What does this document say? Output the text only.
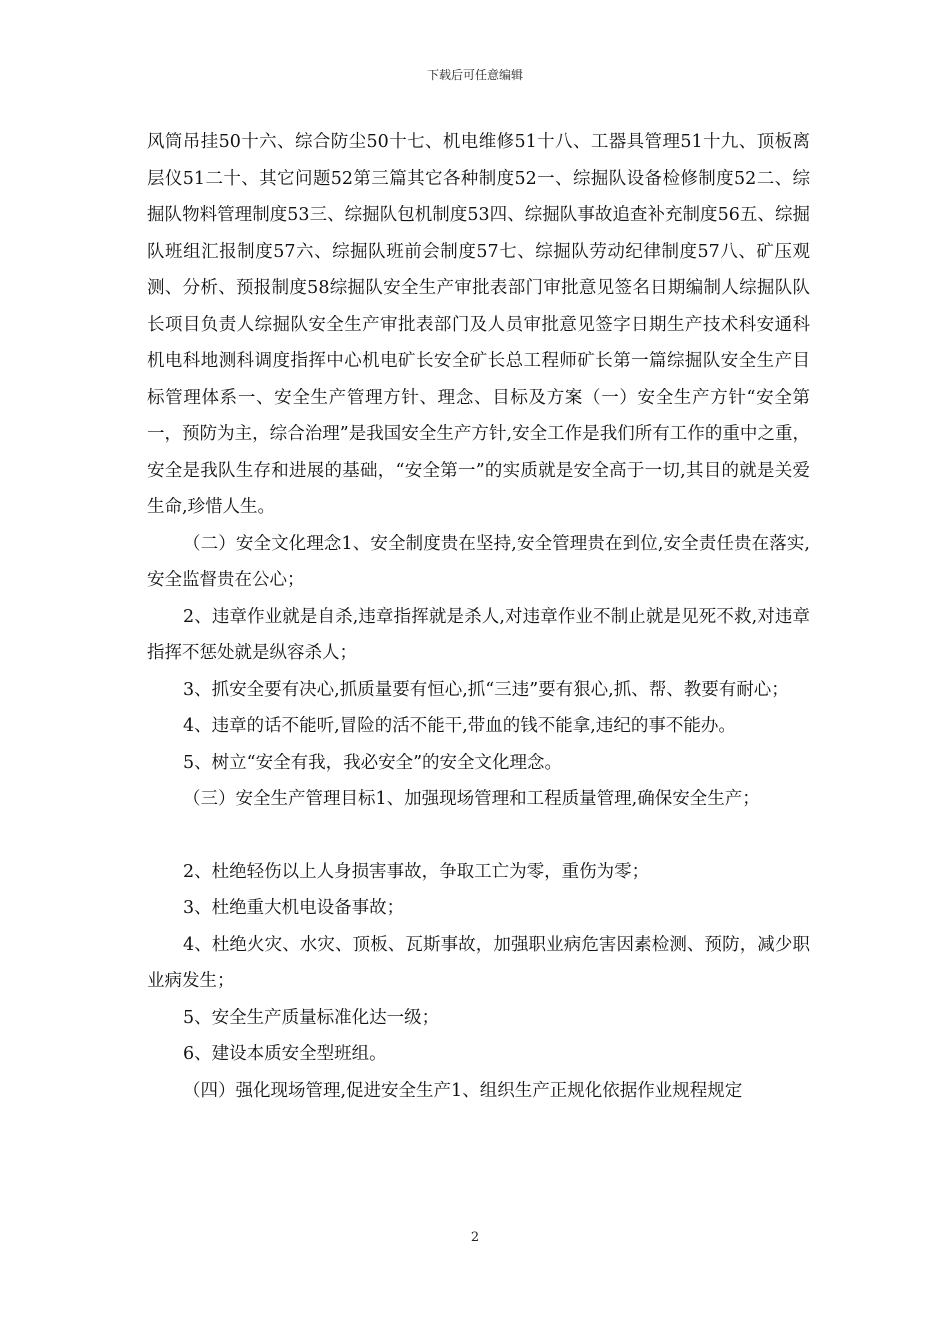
下载后可任意编辑

风筒吊挂50十六、综合防尘50十七、机电维修51十八、工器具管理51十九、顶板离层仪51二十、其它问题52第三篇其它各种制度52一、综掘队设备检修制度52二、综掘队物料管理制度53三、综掘队包机制度53四、综掘队事故追查补充制度56五、综掘队班组汇报制度57六、综掘队班前会制度57七、综掘队劳动纪律制度57八、矿压观测、分析、预报制度58综掘队安全生产审批表部门审批意见签名日期编制人综掘队队长项目负责人综掘队安全生产审批表部门及人员审批意见签字日期生产技术科安通科机电科地测科调度指挥中心机电矿长安全矿长总工程师矿长第一篇综掘队安全生产目标管理体系一、安全生产管理方针、理念、目标及方案（一）安全生产方针“安全第一，预防为主，综合治理”是我国安全生产方针,安全工作是我们所有工作的重中之重，安全是我队生存和进展的基础，“安全第一”的实质就是安全高于一切,其目的就是关爱生命,珍惜人生。

（二）安全文化理念1、安全制度贵在坚持,安全管理贵在到位,安全责任贵在落实,安全监督贵在公心；

2、违章作业就是自杀,违章指挥就是杀人,对违章作业不制止就是见死不救,对违章指挥不惩处就是纵容杀人；

3、抓安全要有决心,抓质量要有恒心,抓“三违”要有狠心,抓、帮、教要有耐心；

4、违章的话不能听,冒险的活不能干,带血的钱不能拿,违纪的事不能办。

5、树立“安全有我，我必安全”的安全文化理念。

（三）安全生产管理目标1、加强现场管理和工程质量管理,确保安全生产；

2、杜绝轻伤以上人身损害事故，争取工亡为零，重伤为零；

3、杜绝重大机电设备事故；

4、杜绝火灾、水灾、顶板、瓦斯事故，加强职业病危害因素检测、预防，减少职业病发生；

5、安全生产质量标准化达一级；

6、建设本质安全型班组。

（四）强化现场管理,促进安全生产1、组织生产正规化依据作业规程规定

2
